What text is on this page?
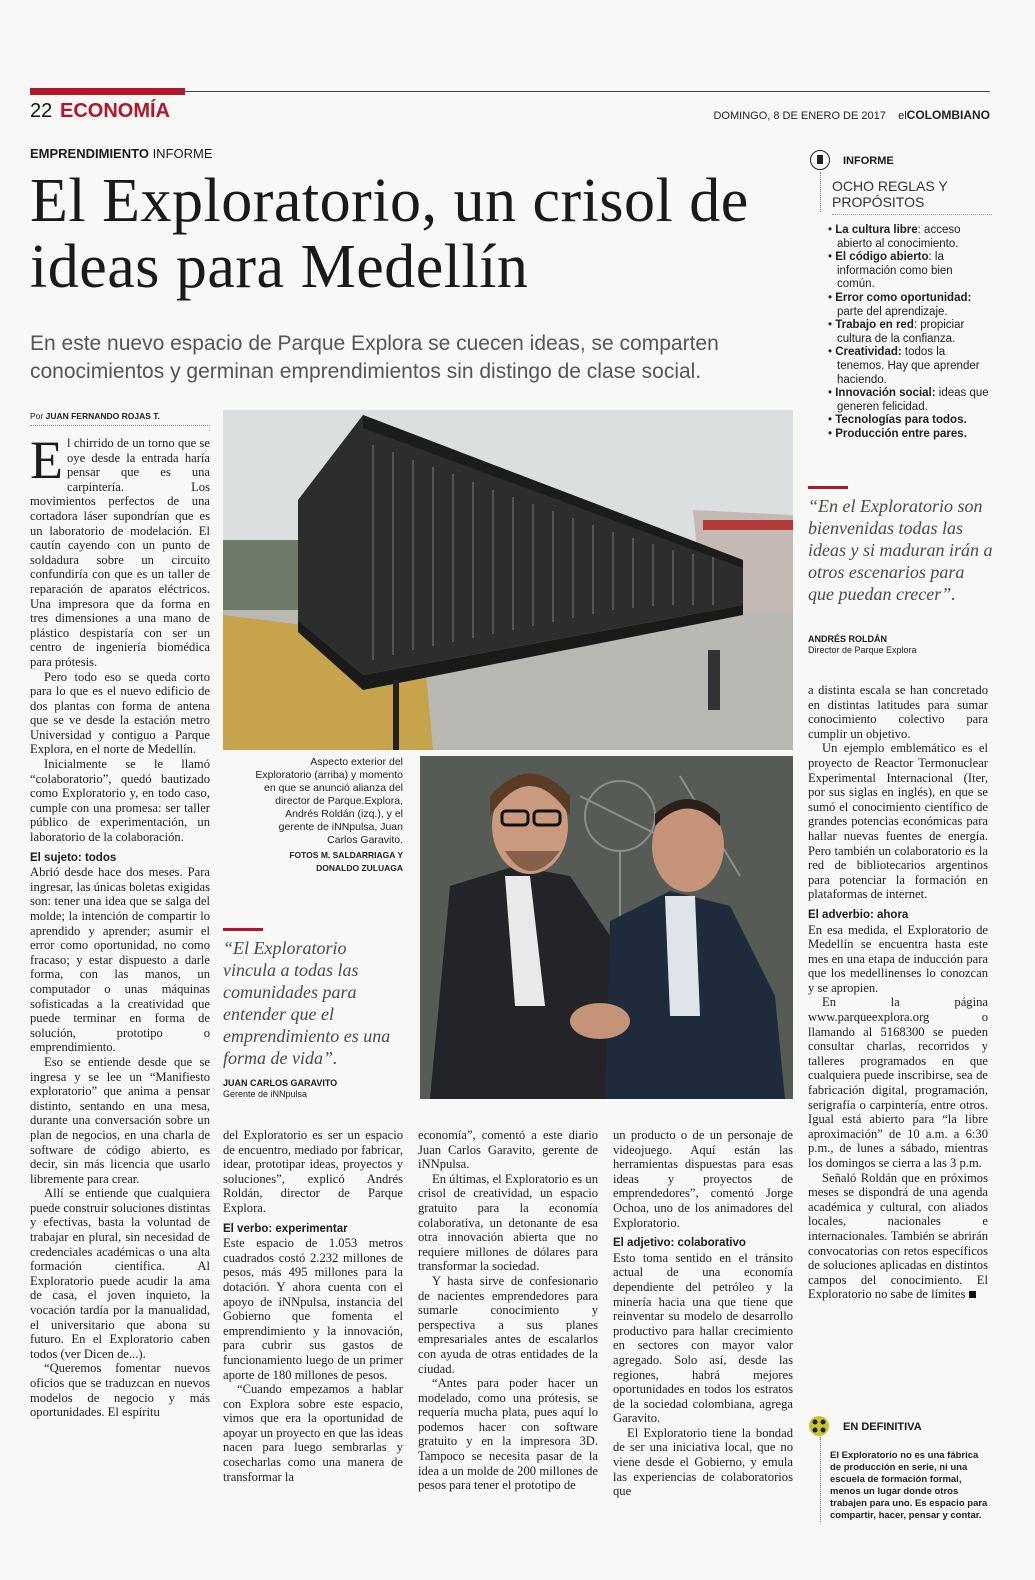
22 ECONOMÍA	DOMINGO, 8 DE ENERO DE 2017 elCOLOMBIANO
EMPRENDIMIENTO INFORME
El Exploratorio, un crisol de ideas para Medellín
En este nuevo espacio de Parque Explora se cuecen ideas, se comparten conocimientos y germinan emprendimientos sin distingo de clase social.
Por JUAN FERNANDO ROJAS T.

El chirrido de un torno que se oye desde la entrada haría pensar que es una carpintería. Los movimientos perfectos de una cortadora láser supondrían que es un laboratorio de modelación. El cautín cayendo con un punto de soldadura sobre un circuito confundiría con que es un taller de reparación de aparatos eléctricos. Una impresora que da forma en tres dimensiones a una mano de plástico despistaría con ser un centro de ingeniería biomédica para prótesis.

Pero todo eso se queda corto para lo que es el nuevo edificio de dos plantas con forma de antena que se ve desde la estación metro Universidad y contiguo a Parque Explora, en el norte de Medellín.

Inicialmente se le llamó “colaboratorio”, quedó bautizado como Exploratorio y, en todo caso, cumple con una promesa: ser taller público de experimentación, un laboratorio de la colaboración.

El sujeto: todos

Abrió desde hace dos meses. Para ingresar, las únicas boletas exigidas son: tener una idea que se salga del molde; la intención de compartir lo aprendido y aprender; asumir el error como oportunidad, no como fracaso; y estar dispuesto a darle forma, con las manos, un computador o unas máquinas sofisticadas a la creatividad que puede terminar en forma de solución, prototipo o emprendimiento.

Eso se entiende desde que se ingresa y se lee un “Manifiesto exploratorio” que anima a pensar distinto, sentando en una mesa, durante una conversación sobre un plan de negocios, en una charla de software de código abierto, es decir, sin más licencia que usarlo libremente para crear.

Allí se entiende que cualquiera puede construir soluciones distintas y efectivas, basta la voluntad de trabajar en plural, sin necesidad de credenciales académicas o una alta formación científica. Al Exploratorio puede acudir la ama de casa, el joven inquieto, la vocación tardía por la manualidad, el universitario que abona su futuro. En el Exploratorio caben todos (ver Dicen de...).

“Queremos fomentar nuevos oficios que se traduzcan en nuevos modelos de negocio y más oportunidades. El espíritu

Aspecto exterior del Exploratorio (arriba) y momento en que se anunció alianza del director de Parque.Explora, Andrés Roldán (izq.), y el gerente de iNNpulsa, Juan Carlos Garavito.
FOTOS M. SALDARRIAGA Y DONALDO ZULUAGA
“El Exploratorio vincula a todas las comunidades para entender que el emprendimiento es una forma de vida”.
JUAN CARLOS GARAVITO
Gerente de iNNpulsa

del Exploratorio es ser un espacio de encuentro, mediado por fabricar, idear, prototipar ideas, proyectos y soluciones”, explicó Andrés Roldán, director de Parque Explora.

El verbo: experimentar

Este espacio de 1.053 metros cuadrados costó 2.232 millones de pesos, más 495 millones para la dotación. Y ahora cuenta con el apoyo de iNNpulsa, instancia del Gobierno que fomenta el emprendimiento y la innovación, para cubrir sus gastos de funcionamiento luego de un primer aporte de 180 millones de pesos.

“Cuando empezamos a hablar con Explora sobre este espacio, vimos que era la oportunidad de apoyar un proyecto en que las ideas nacen para luego sembrarlas y cosecharlas como una manera de transformar la

economía”, comentó a este diario Juan Carlos Garavito, gerente de iNNpulsa.

En últimas, el Exploratorio es un crisol de creatividad, un espacio gratuito para la economía colaborativa, un detonante de esa otra innovación abierta que no requiere millones de dólares para transformar la sociedad.

Y hasta sirve de confesionario de nacientes emprendedores para sumarle conocimiento y perspectiva a sus planes empresariales antes de escalarlos con ayuda de otras entidades de la ciudad.

“Antes para poder hacer un modelado, como una prótesis, se requería mucha plata, pues aquí lo podemos hacer con software gratuito y en la impresora 3D. Tampoco se necesita pasar de la idea a un molde de 200 millones de pesos para tener el prototipo de

un producto o de un personaje de videojuego. Aquí están las herramientas dispuestas para esas ideas y proyectos de emprendedores”, comentó Jorge Ochoa, uno de los animadores del Exploratorio.

El adjetivo: colaborativo

Esto toma sentido en el tránsito actual de una economía dependiente del petróleo y la minería hacia una que tiene que reinventar su modelo de desarrollo productivo para hallar crecimiento en sectores con mayor valor agregado. Solo así, desde las regiones, habrá mejores oportunidades en todos los estratos de la sociedad colombiana, agrega Garavito.

El Exploratorio tiene la bondad de ser una iniciativa local, que no viene desde el Gobierno, y emula las experiencias de colaboratorios que

INFORME
OCHO REGLAS Y PROPÓSITOS
• La cultura libre: acceso abierto al conocimiento.
• El código abierto: la información como bien común.
• Error como oportunidad: parte del aprendizaje.
• Trabajo en red: propiciar cultura de la confianza.
• Creatividad: todos la tenemos. Hay que aprender haciendo.
• Innovación social: ideas que generen felicidad.
• Tecnologías para todos.
• Producción entre pares.
“En el Exploratorio son bienvenidas todas las ideas y si maduran irán a otros escenarios para que puedan crecer”.
ANDRÉS ROLDÁN
Director de Parque Explora

a distinta escala se han concretado en distintas latitudes para sumar conocimiento colectivo para cumplir un objetivo.

Un ejemplo emblemático es el proyecto de Reactor Termonuclear Experimental Internacional (Iter, por sus siglas en inglés), en que se sumó el conocimiento científico de grandes potencias económicas para hallar nuevas fuentes de energía. Pero también un colaboratorio es la red de bibliotecarios argentinos para potenciar la formación en plataformas de internet.

El adverbio: ahora

En esa medida, el Exploratorio de Medellín se encuentra hasta este mes en una etapa de inducción para que los medellinenses lo conozcan y se apropien.

En la página www.parqueexplora.org o llamando al 5168300 se pueden consultar charlas, recorridos y talleres programados en que cualquiera puede inscribirse, sea de fabricación digital, programación, serigrafía o carpintería, entre otros. Igual está abierto para “la libre aproximación” de 10 a.m. a 6:30 p.m., de lunes a sábado, mientras los domingos se cierra a las 3 p.m.

Señaló Roldán que en próximos meses se dispondrá de una agenda académica y cultural, con aliados locales, nacionales e internacionales. También se abrirán convocatorias con retos específicos de soluciones aplicadas en distintos campos del conocimiento. El Exploratorio no sabe de límites

EN DEFINITIVA
El Exploratorio no es una fábrica de producción en serie, ni una escuela de formación formal, menos un lugar donde otros trabajen para uno. Es espacio para compartir, hacer, pensar y contar.
